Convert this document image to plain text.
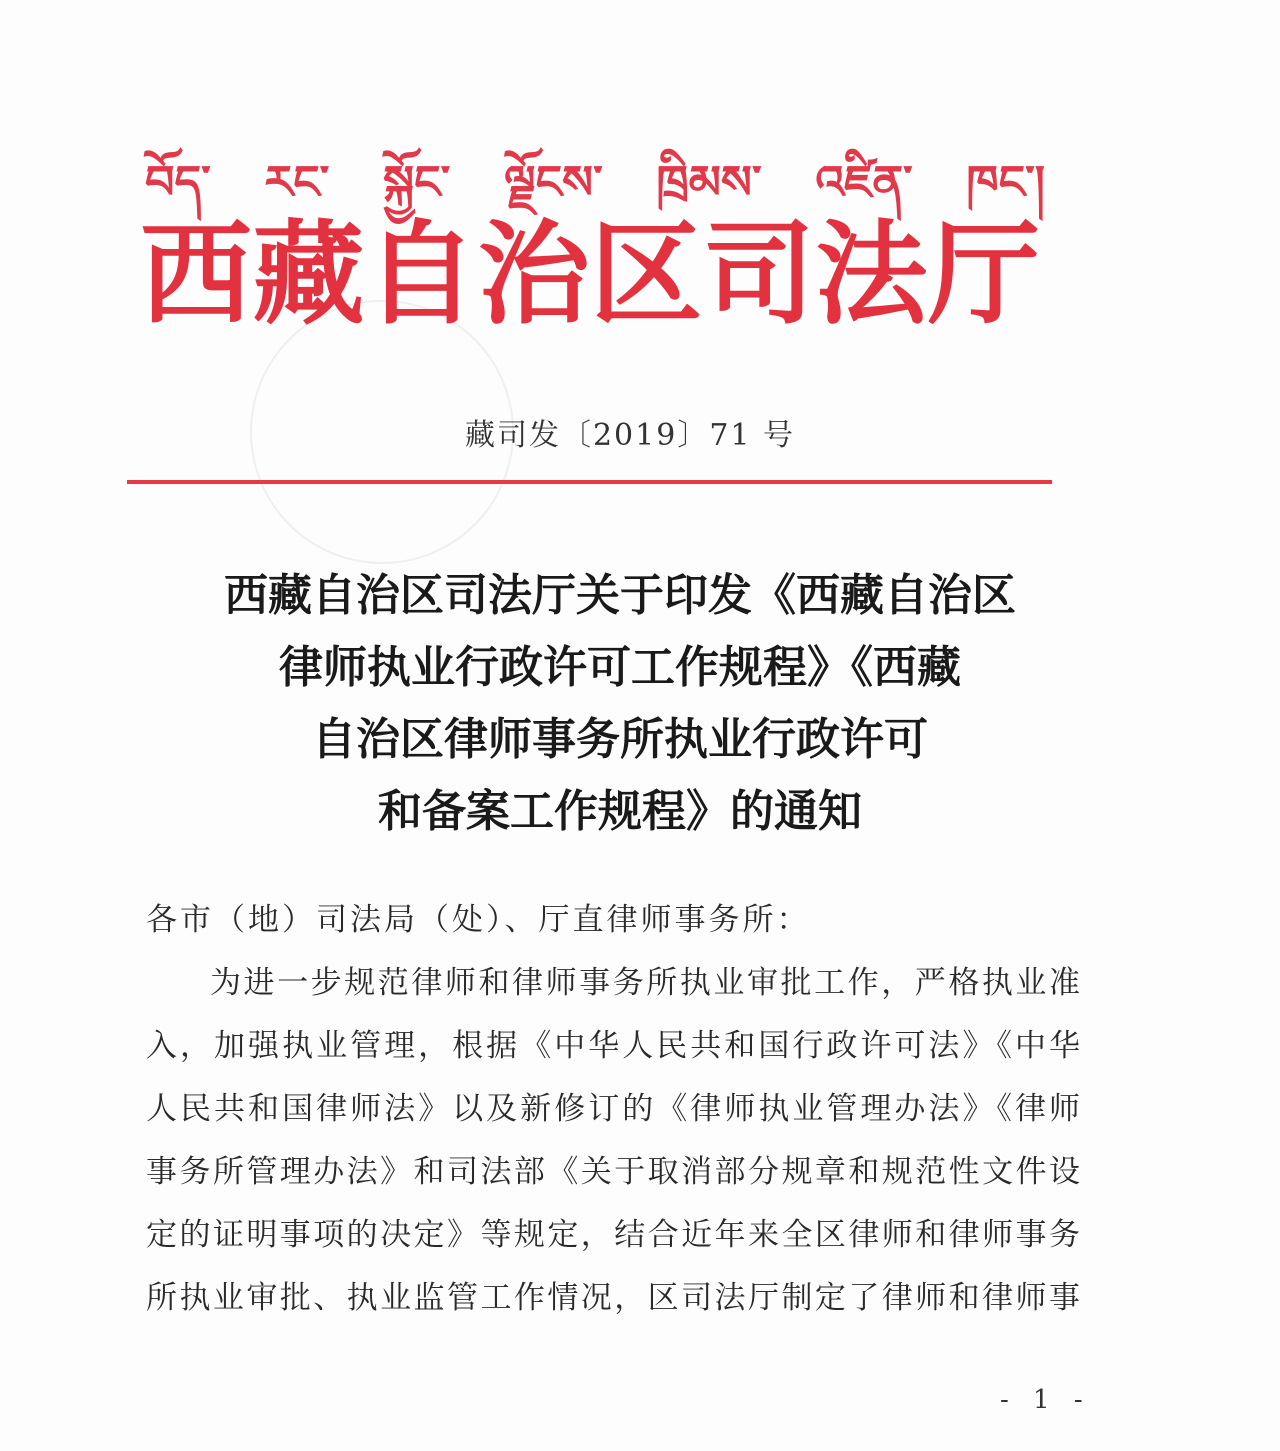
བོད་ རང་ སྐྱོང་ ལྗོངས་ ཁྲིམས་ འཛིན་ ཁང་།
西 藏 自 治 区 司 法 厅
藏司发〔2019〕71 号
西藏自治区司法厅关于印发《西藏自治区
律师执业行政许可工作规程》《西藏
自治区律师事务所执业行政许可
和备案工作规程》的通知
各市（地）司法局（处）、厅直律师事务所：
为进一步规范律师和律师事务所执业审批工作，严格执业准
入，加强执业管理，根据《中华人民共和国行政许可法》《中华
人民共和国律师法》以及新修订的《律师执业管理办法》《律师
事务所管理办法》和司法部《关于取消部分规章和规范性文件设
定的证明事项的决定》等规定，结合近年来全区律师和律师事务
所执业审批、执业监管工作情况，区司法厅制定了律师和律师事
- 1 -
